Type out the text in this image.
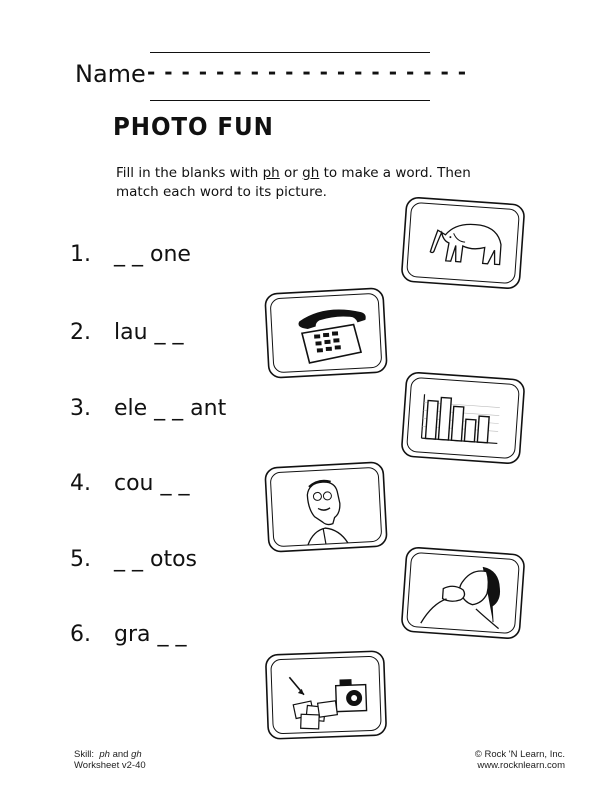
Name - - - - - - - - - - - - - - - - - - -
PHOTO FUN
Fill in the blanks with ph or gh to make a word. Then match each word to its picture.
1. _ _ one
2. lau _ _
3. ele _ _ ant
4. cou _ _
5. _ _ otos
6. gra _ _
Skill: ph and gh
Worksheet v2-40
© Rock 'N Learn, Inc.
www.rocknlearn.com
